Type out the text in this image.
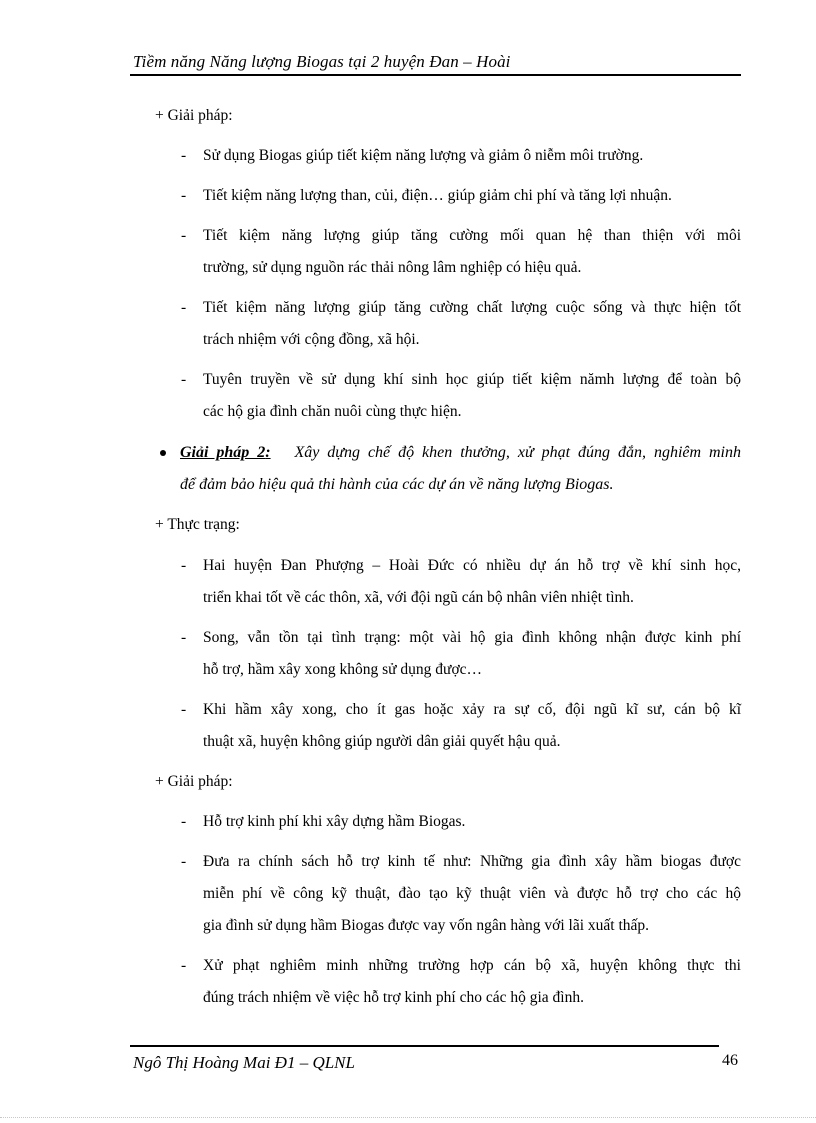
Tiềm năng Năng lượng Biogas tại 2 huyện Đan – Hoài
+ Giải pháp:
- Sử dụng Biogas giúp tiết kiệm năng lượng và giảm ô niễm môi trường.
- Tiết kiệm năng lượng than, củi, điện… giúp giảm chi phí và tăng lợi nhuận.
- Tiết kiệm năng lượng giúp tăng cường mối quan hệ than thiện với môi
trường, sử dụng nguồn rác thải nông lâm nghiệp có hiệu quả.
- Tiết kiệm năng lượng giúp tăng cường chất lượng cuộc sống và thực hiện tốt
trách nhiệm với cộng đồng, xã hội.
- Tuyên truyền về sử dụng khí sinh học giúp tiết kiệm nămh lượng để toàn bộ
các hộ gia đình chăn nuôi cùng thực hiện.
Giải pháp 2: Xây dựng chế độ khen thưởng, xử phạt đúng đắn, nghiêm minh
để đảm bảo hiệu quả thi hành của các dự án về năng lượng Biogas.
+ Thực trạng:
- Hai huyện Đan Phượng – Hoài Đức có nhiều dự án hỗ trợ về khí sinh học,
triển khai tốt về các thôn, xã, với đội ngũ cán bộ nhân viên nhiệt tình.
- Song, vẫn tồn tại tình trạng: một vài hộ gia đình không nhận được kinh phí
hỗ trợ, hầm xây xong không sử dụng được…
- Khi hầm xây xong, cho ít gas hoặc xảy ra sự cố, đội ngũ kĩ sư, cán bộ kĩ
thuật xã, huyện không giúp người dân giải quyết hậu quả.
+ Giải pháp:
- Hỗ trợ kinh phí khi xây dựng hầm Biogas.
- Đưa ra chính sách hỗ trợ kinh tế như: Những gia đình xây hầm biogas được
miễn phí về công kỹ thuật, đào tạo kỹ thuật viên và được hỗ trợ cho các hộ
gia đình sử dụng hầm Biogas được vay vốn ngân hàng với lãi xuất thấp.
- Xử phạt nghiêm minh những trường hợp cán bộ xã, huyện không thực thi
đúng trách nhiệm về việc hỗ trợ kinh phí cho các hộ gia đình.
Ngô Thị Hoàng Mai Đ1 – QLNL	46
